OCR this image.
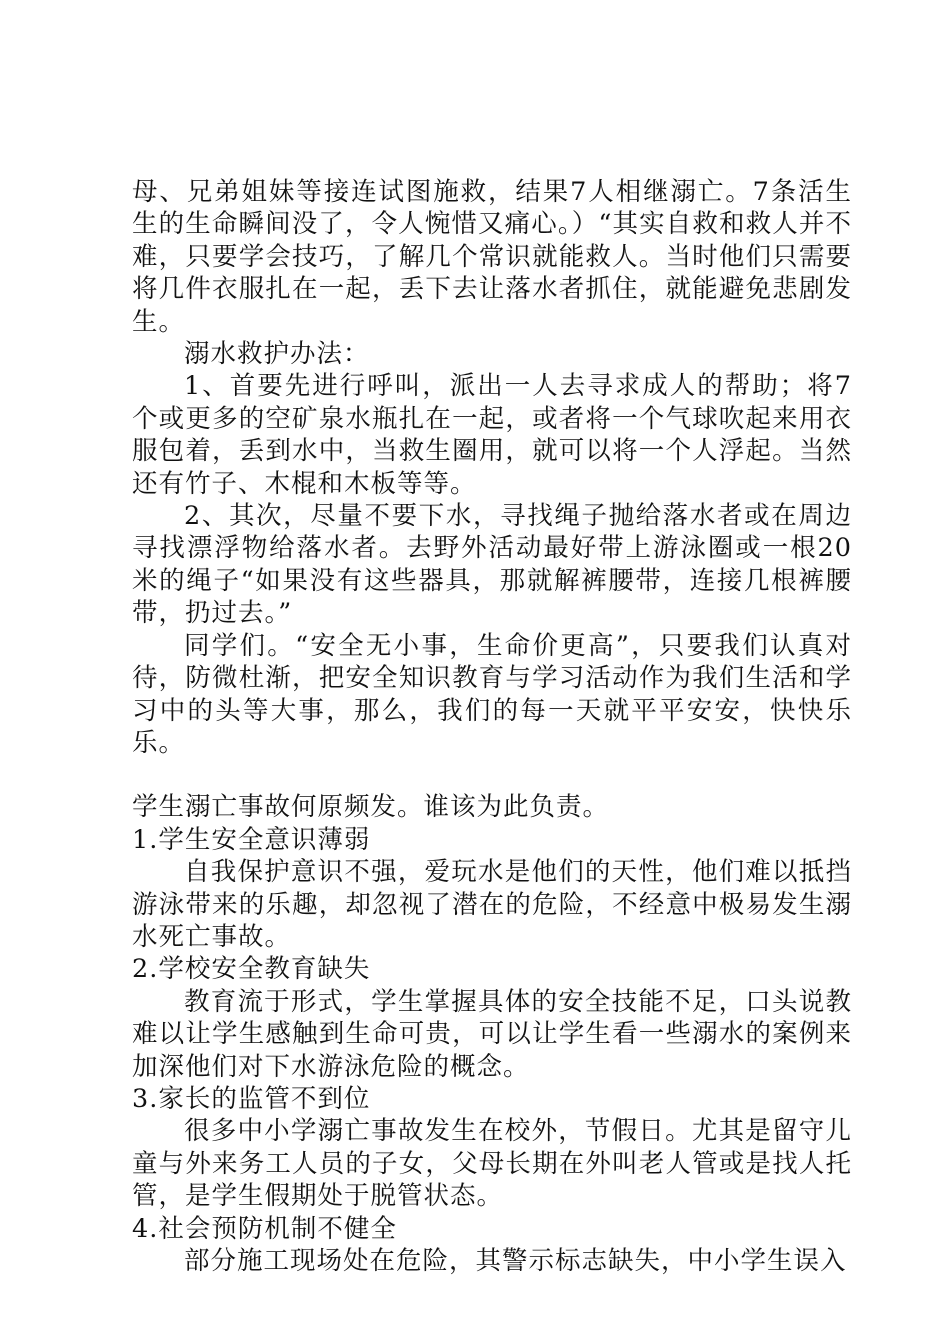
母、兄弟姐妹等接连试图施救，结果7人相继溺亡。7条活生生的生命瞬间没了，令人惋惜又痛心。）“其实自救和救人并不难，只要学会技巧，了解几个常识就能救人。当时他们只需要将几件衣服扎在一起，丢下去让落水者抓住，就能避免悲剧发生。

溺水救护办法：

1、首要先进行呼叫，派出一人去寻求成人的帮助；将7个或更多的空矿泉水瓶扎在一起，或者将一个气球吹起来用衣服包着，丢到水中，当救生圈用，就可以将一个人浮起。当然还有竹子、木棍和木板等等。

2、其次，尽量不要下水，寻找绳子抛给落水者或在周边寻找漂浮物给落水者。去野外活动最好带上游泳圈或一根20米的绳子“如果没有这些器具，那就解裤腰带，连接几根裤腰带，扔过去。”

同学们。“安全无小事，生命价更高”，只要我们认真对待，防微杜渐，把安全知识教育与学习活动作为我们生活和学习中的头等大事，那么，我们的每一天就平平安安，快快乐乐。

学生溺亡事故何原频发。谁该为此负责。

1.学生安全意识薄弱

自我保护意识不强，爱玩水是他们的天性，他们难以抵挡游泳带来的乐趣，却忽视了潜在的危险，不经意中极易发生溺水死亡事故。

2.学校安全教育缺失

教育流于形式，学生掌握具体的安全技能不足，口头说教难以让学生感触到生命可贵，可以让学生看一些溺水的案例来加深他们对下水游泳危险的概念。

3.家长的监管不到位

很多中小学溺亡事故发生在校外，节假日。尤其是留守儿童与外来务工人员的子女，父母长期在外叫老人管或是找人托管，是学生假期处于脱管状态。

4.社会预防机制不健全

部分施工现场处在危险，其警示标志缺失，中小学生误入
